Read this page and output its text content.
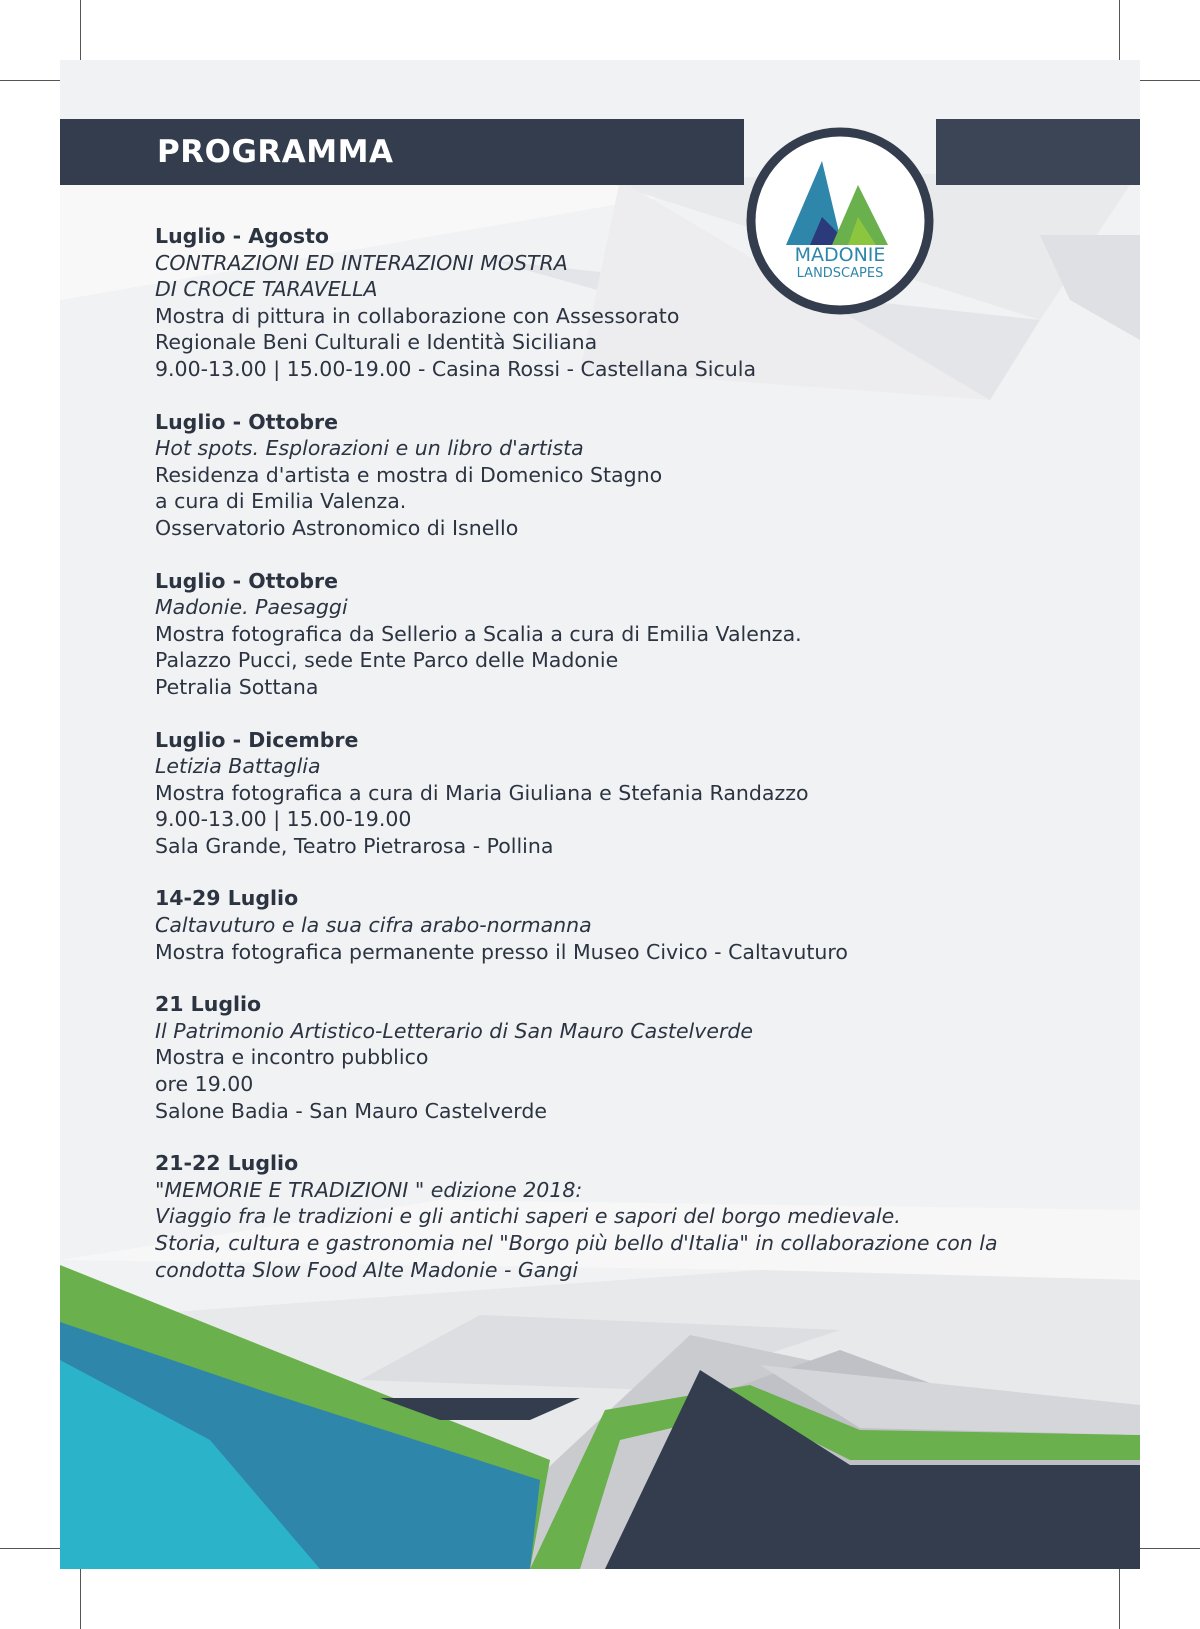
PROGRAMMA
MADONIE
LANDSCAPES
Luglio - Agosto
CONTRAZIONI ED INTERAZIONI MOSTRA
DI CROCE TARAVELLA
Mostra di pittura in collaborazione con Assessorato
Regionale Beni Culturali e Identità Siciliana
9.00-13.00 | 15.00-19.00 - Casina Rossi - Castellana Sicula
Luglio - Ottobre
Hot spots. Esplorazioni e un libro d'artista
Residenza d'artista e mostra di Domenico Stagno
a cura di Emilia Valenza.
Osservatorio Astronomico di Isnello
Luglio - Ottobre
Madonie. Paesaggi
Mostra fotografica da Sellerio a Scalia a cura di Emilia Valenza.
Palazzo Pucci, sede Ente Parco delle Madonie
Petralia Sottana
Luglio - Dicembre
Letizia Battaglia
Mostra fotografica a cura di Maria Giuliana e Stefania Randazzo
9.00-13.00 | 15.00-19.00
Sala Grande, Teatro Pietrarosa - Pollina
14-29 Luglio
Caltavuturo e la sua cifra arabo-normanna
Mostra fotografica permanente presso il Museo Civico - Caltavuturo
21 Luglio
Il Patrimonio Artistico-Letterario di San Mauro Castelverde
Mostra e incontro pubblico
ore 19.00
Salone Badia - San Mauro Castelverde
21-22 Luglio
"MEMORIE E TRADIZIONI " edizione 2018:
Viaggio fra le tradizioni e gli antichi saperi e sapori del borgo medievale.
Storia, cultura e gastronomia nel "Borgo più bello d'Italia" in collaborazione con la
condotta Slow Food Alte Madonie - Gangi
